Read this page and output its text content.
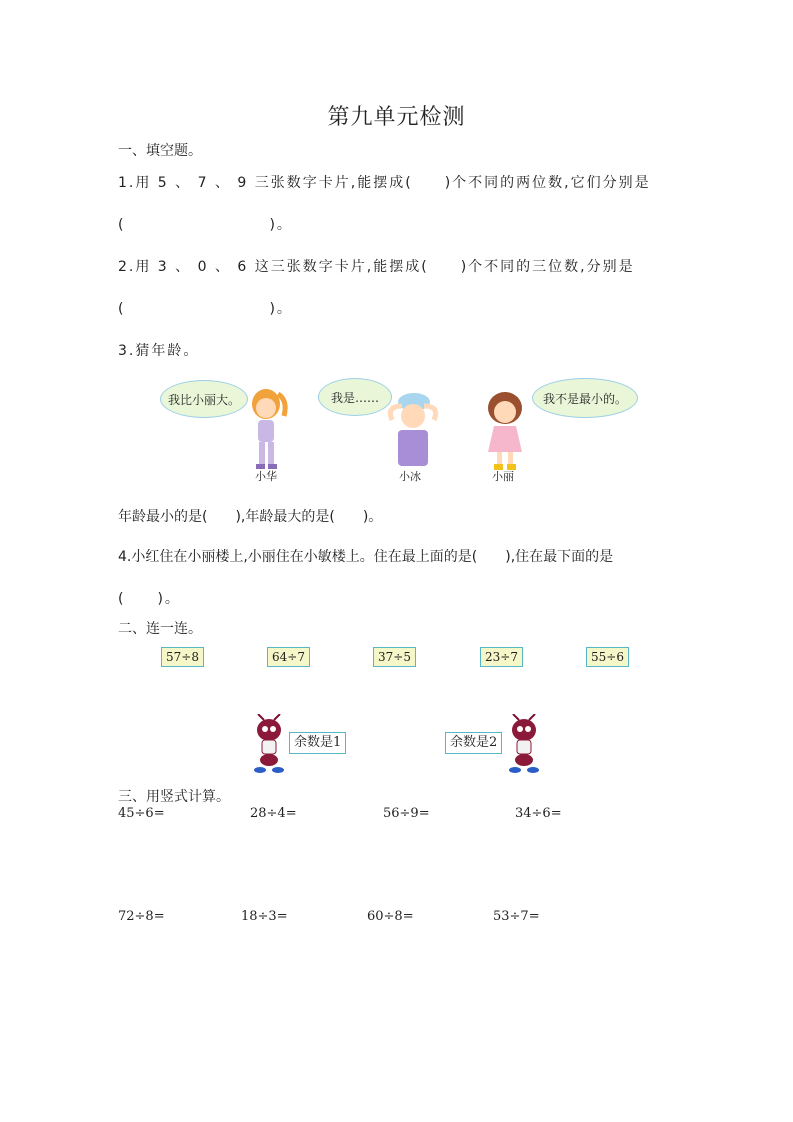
第九单元检测
一、填空题。
1.用 5 、 7 、 9 三张数字卡片,能摆成(　　)个不同的两位数,它们分别是
(　　　　　　　　　)。
2.用 3 、 0 、 6 这三张数字卡片,能摆成(　　)个不同的三位数,分别是
(　　　　　　　　　)。
3.猜年龄。
我比小丽大。
小华
我是……
小冰
我不是最小的。
小丽
年龄最小的是(　　),年龄最大的是(　　)。
4.小红住在小丽楼上,小丽住在小敏楼上。住在最上面的是(　　),住在最下面的是
(　　)。
二、连一连。
57÷8	64÷7	37÷5	23÷7	55÷6
余数是1	余数是2
三、用竖式计算。
45÷6=	28÷4=	56÷9=	34÷6=
72÷8=	18÷3=	60÷8=	53÷7=
